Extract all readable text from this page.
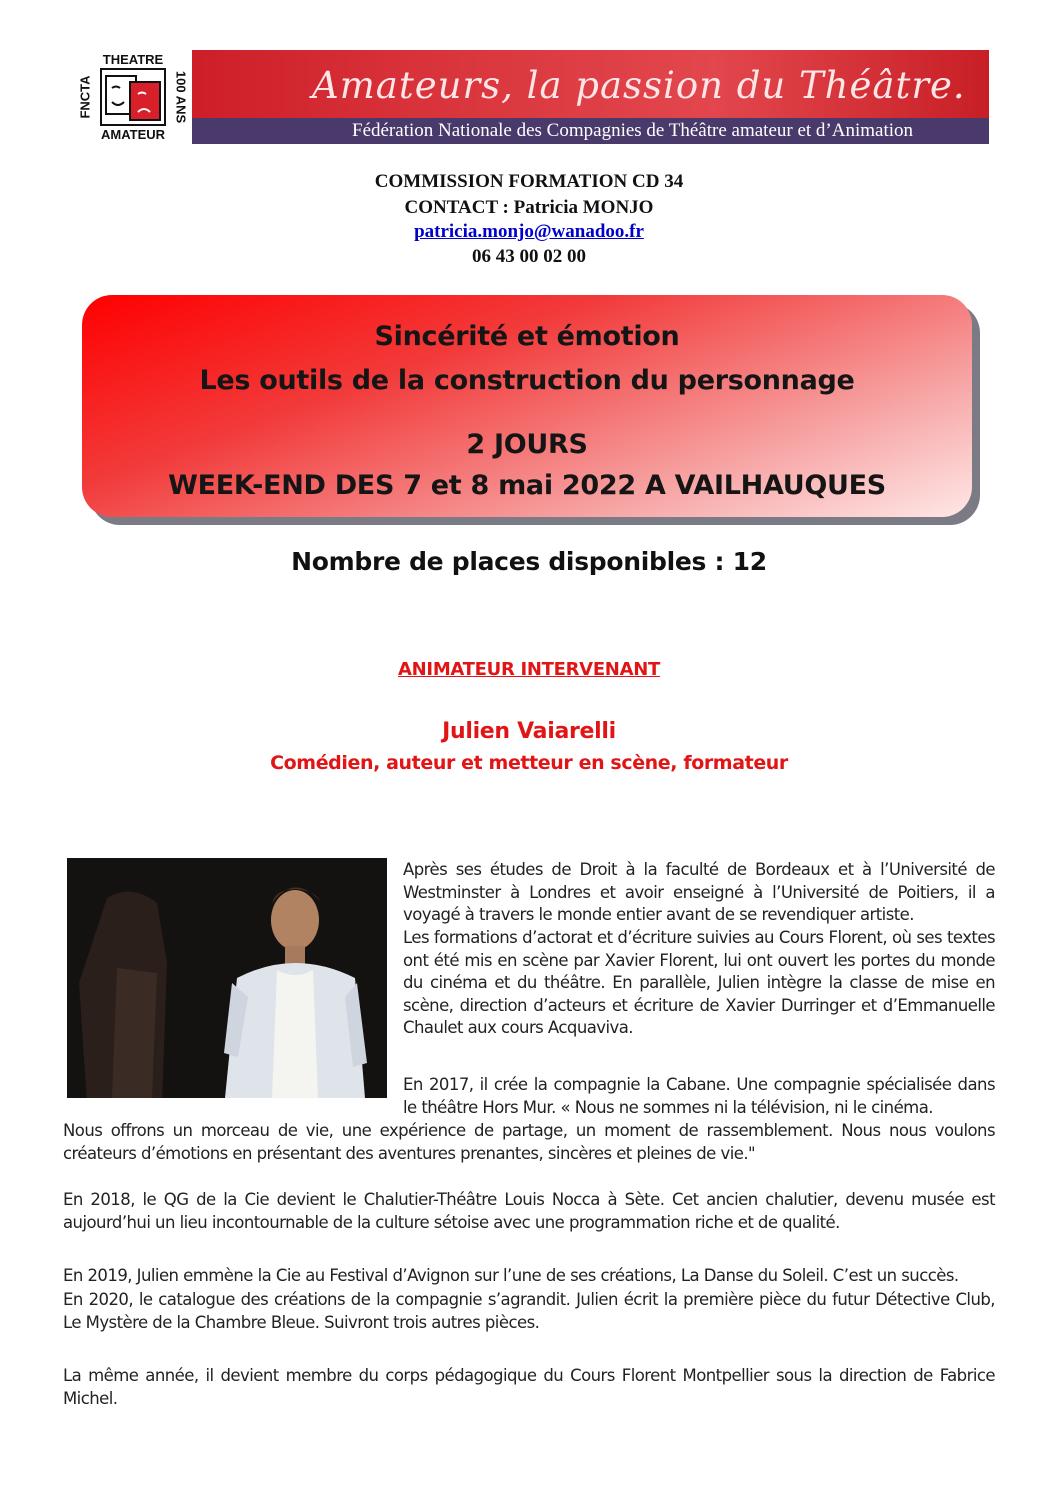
FNCTA
THEATRE
AMATEUR
100 ANS	Amateurs, la passion du Théâtre.
Fédération Nationale des Compagnies de Théâtre amateur et d’Animation
COMMISSION FORMATION CD 34
CONTACT : Patricia MONJO
patricia.monjo@wanadoo.fr
06 43 00 02 00
Sincérité et émotion
Les outils de la construction du personnage
2 JOURS
WEEK-END DES 7 et 8 mai 2022 A VAILHAUQUES
Nombre de places disponibles : 12
ANIMATEUR INTERVENANT
Julien Vaiarelli
Comédien, auteur et metteur en scène, formateur
Après ses études de Droit à la faculté de Bordeaux et à l’Université de Westminster à Londres et avoir enseigné à l’Université de Poitiers, il a voyagé à travers le monde entier avant de se revendiquer artiste.
Les formations d’actorat et d’écriture suivies au Cours Florent, où ses textes ont été mis en scène par Xavier Florent, lui ont ouvert les portes du monde du cinéma et du théâtre. En parallèle, Julien intègre la classe de mise en scène, direction d’acteurs et écriture de Xavier Durringer et d’Emmanuelle Chaulet aux cours Acquaviva.
En 2017, il crée la compagnie la Cabane. Une compagnie spécialisée dans le théâtre Hors Mur. « Nous ne sommes ni la télévision, ni le cinéma.
Nous offrons un morceau de vie, une expérience de partage, un moment de rassemblement. Nous nous voulons créateurs d’émotions en présentant des aventures prenantes, sincères et pleines de vie."
En 2018, le QG de la Cie devient le Chalutier-Théâtre Louis Nocca à Sète. Cet ancien chalutier, devenu musée est aujourd’hui un lieu incontournable de la culture sétoise avec une programmation riche et de qualité.
En 2019, Julien emmène la Cie au Festival d’Avignon sur l’une de ses créations, La Danse du Soleil. C’est un succès.
En 2020, le catalogue des créations de la compagnie s’agrandit. Julien écrit la première pièce du futur Détective Club, Le Mystère de la Chambre Bleue. Suivront trois autres pièces.
La même année, il devient membre du corps pédagogique du Cours Florent Montpellier sous la direction de Fabrice Michel.
